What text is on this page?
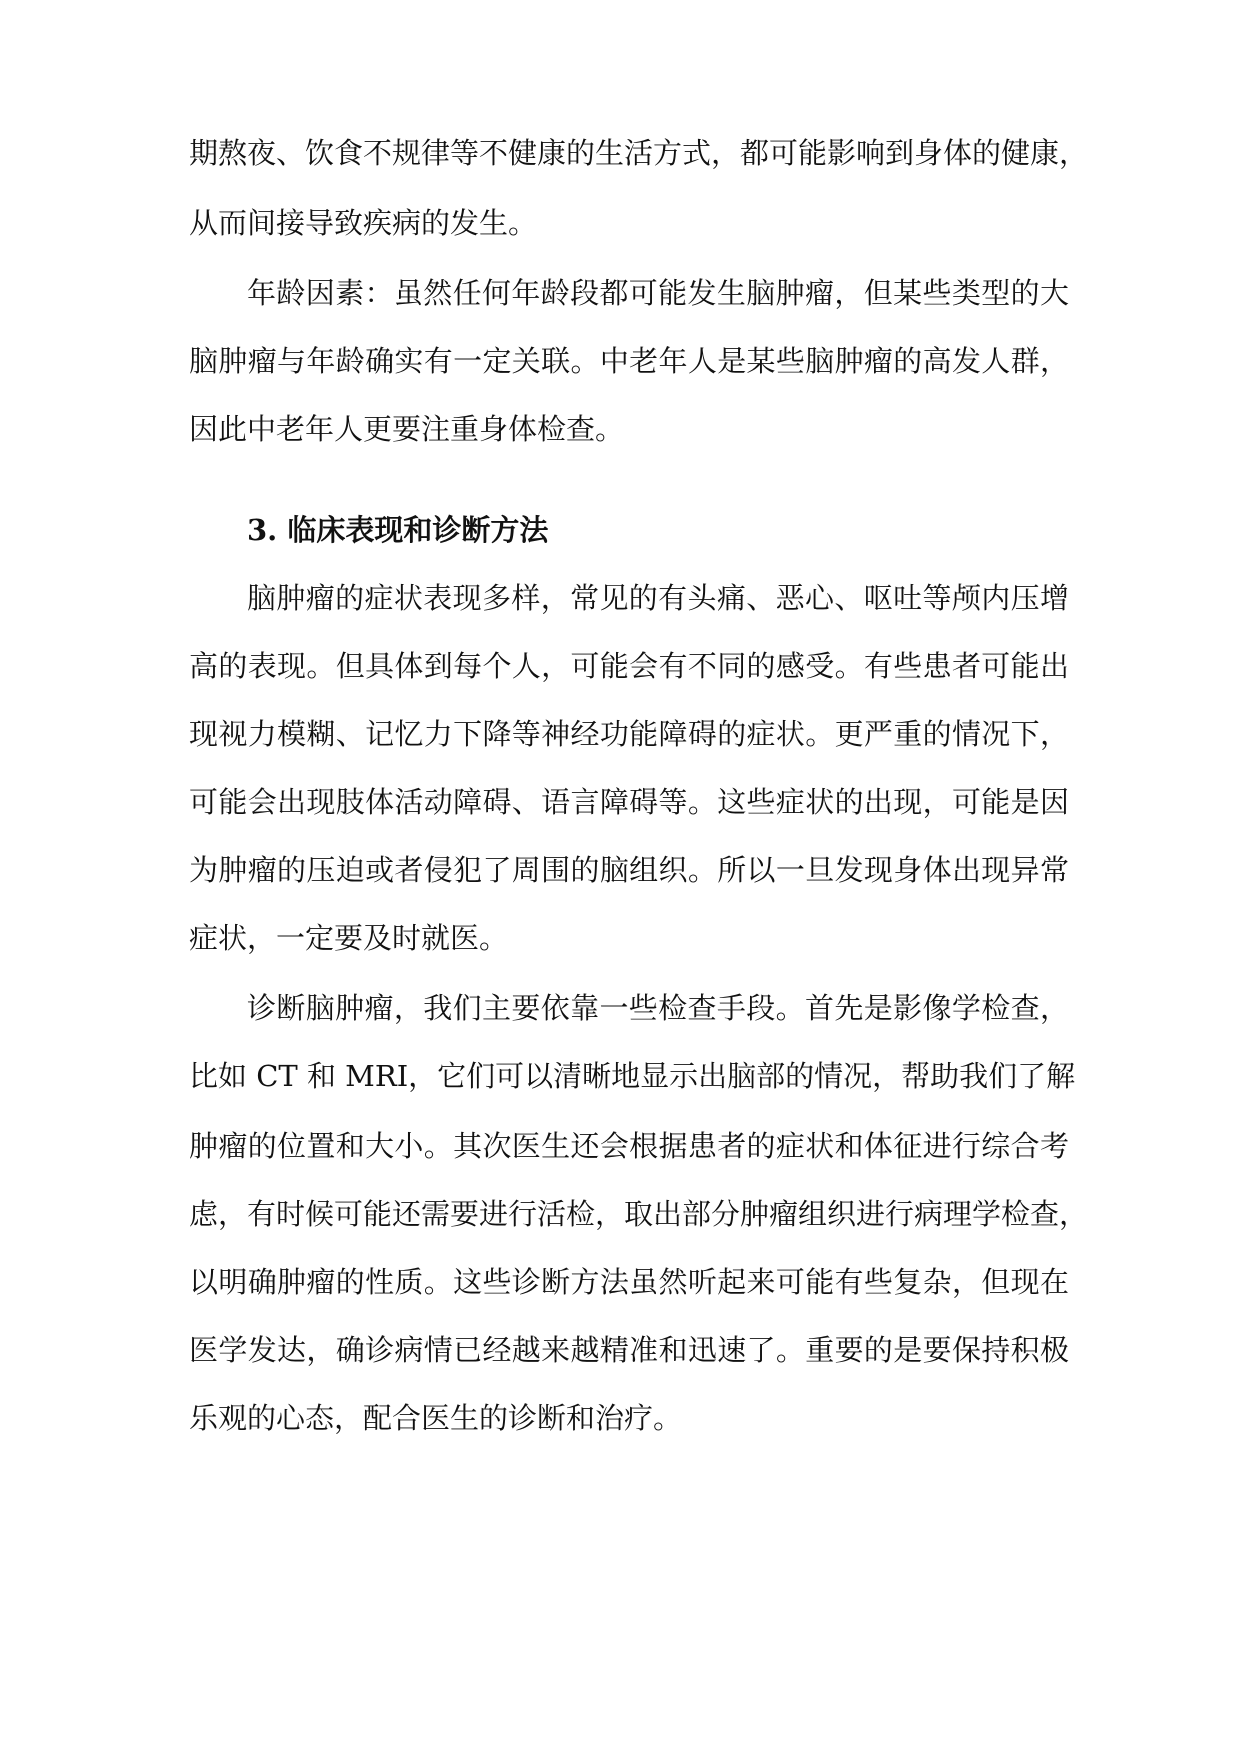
期熬夜、饮食不规律等不健康的生活方式，都可能影响到身体的健康，
从而间接导致疾病的发生。
年龄因素：虽然任何年龄段都可能发生脑肿瘤，但某些类型的大
脑肿瘤与年龄确实有一定关联。中老年人是某些脑肿瘤的高发人群，
因此中老年人更要注重身体检查。
3. 临床表现和诊断方法
脑肿瘤的症状表现多样，常见的有头痛、恶心、呕吐等颅内压增
高的表现。但具体到每个人，可能会有不同的感受。有些患者可能出
现视力模糊、记忆力下降等神经功能障碍的症状。更严重的情况下，
可能会出现肢体活动障碍、语言障碍等。这些症状的出现，可能是因
为肿瘤的压迫或者侵犯了周围的脑组织。所以一旦发现身体出现异常
症状，一定要及时就医。
诊断脑肿瘤，我们主要依靠一些检查手段。首先是影像学检查，
比如 CT 和 MRI，它们可以清晰地显示出脑部的情况，帮助我们了解
肿瘤的位置和大小。其次医生还会根据患者的症状和体征进行综合考
虑，有时候可能还需要进行活检，取出部分肿瘤组织进行病理学检查，
以明确肿瘤的性质。这些诊断方法虽然听起来可能有些复杂，但现在
医学发达，确诊病情已经越来越精准和迅速了。重要的是要保持积极
乐观的心态，配合医生的诊断和治疗。
